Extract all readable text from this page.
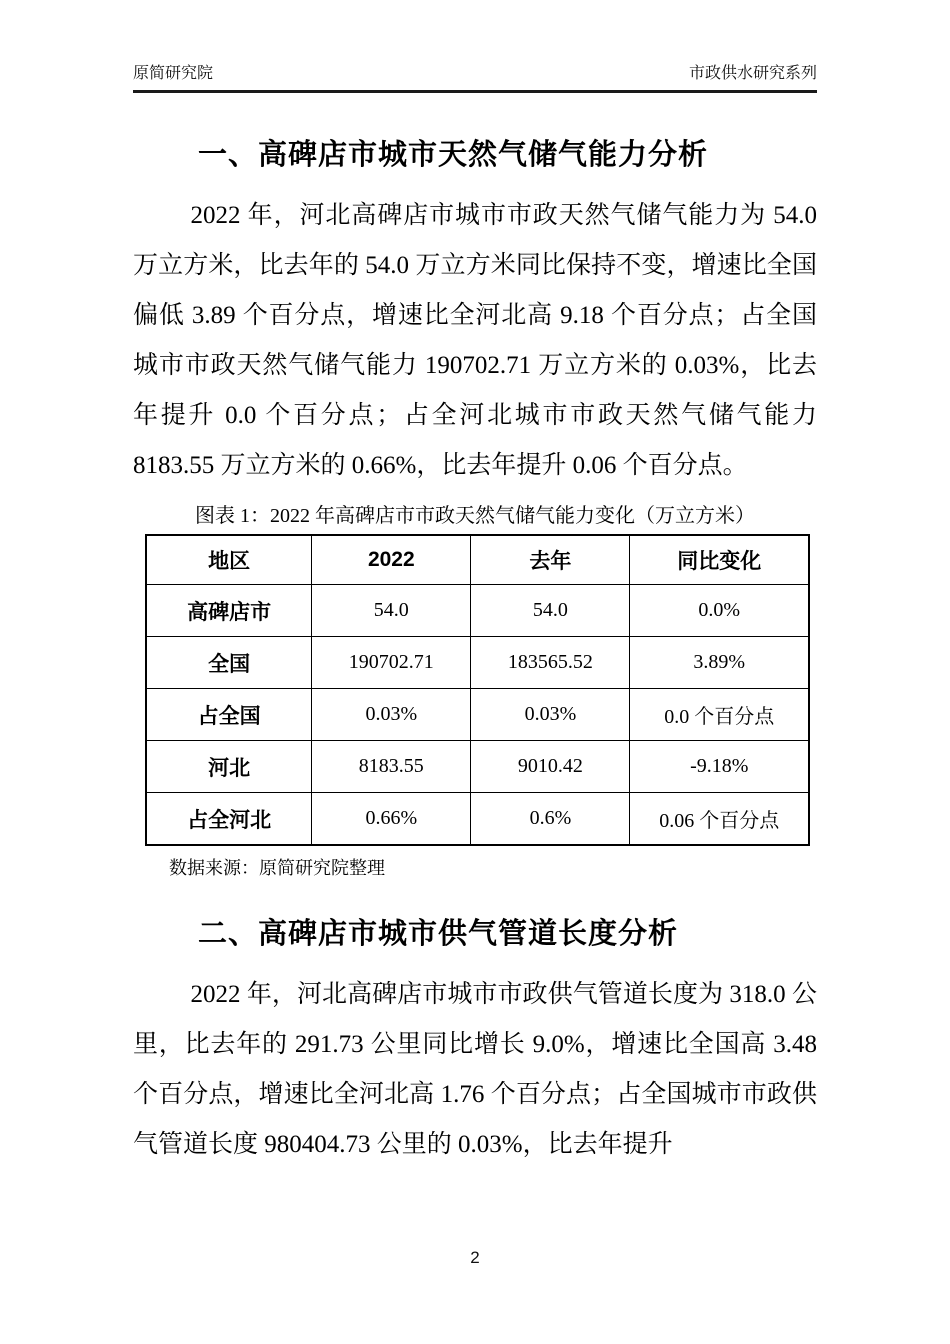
原简研究院	市政供水研究系列
一、高碑店市城市天然气储气能力分析

2022 年，河北高碑店市城市市政天然气储气能力为 54.0 万立方米，比去年的 54.0 万立方米同比保持不变，增速比全国偏低 3.89 个百分点，增速比全河北高 9.18 个百分点；占全国城市市政天然气储气能力 190702.71 万立方米的 0.03%，比去年提升 0.0 个百分点；占全河北城市市政天然气储气能力 8183.55 万立方米的 0.66%，比去年提升 0.06 个百分点。

图表 1：2022 年高碑店市市政天然气储气能力变化（万立方米）
地区	2022	去年	同比变化
高碑店市	54.0	54.0	0.0%
全国	190702.71	183565.52	3.89%
占全国	0.03%	0.03%	0.0 个百分点
河北	8183.55	9010.42	-9.18%
占全河北	0.66%	0.6%	0.06 个百分点
数据来源：原简研究院整理
二、高碑店市城市供气管道长度分析

2022 年，河北高碑店市城市市政供气管道长度为 318.0 公里，比去年的 291.73 公里同比增长 9.0%，增速比全国高 3.48 个百分点，增速比全河北高 1.76 个百分点；占全国城市市政供气管道长度 980404.73 公里的 0.03%，比去年提升

2
